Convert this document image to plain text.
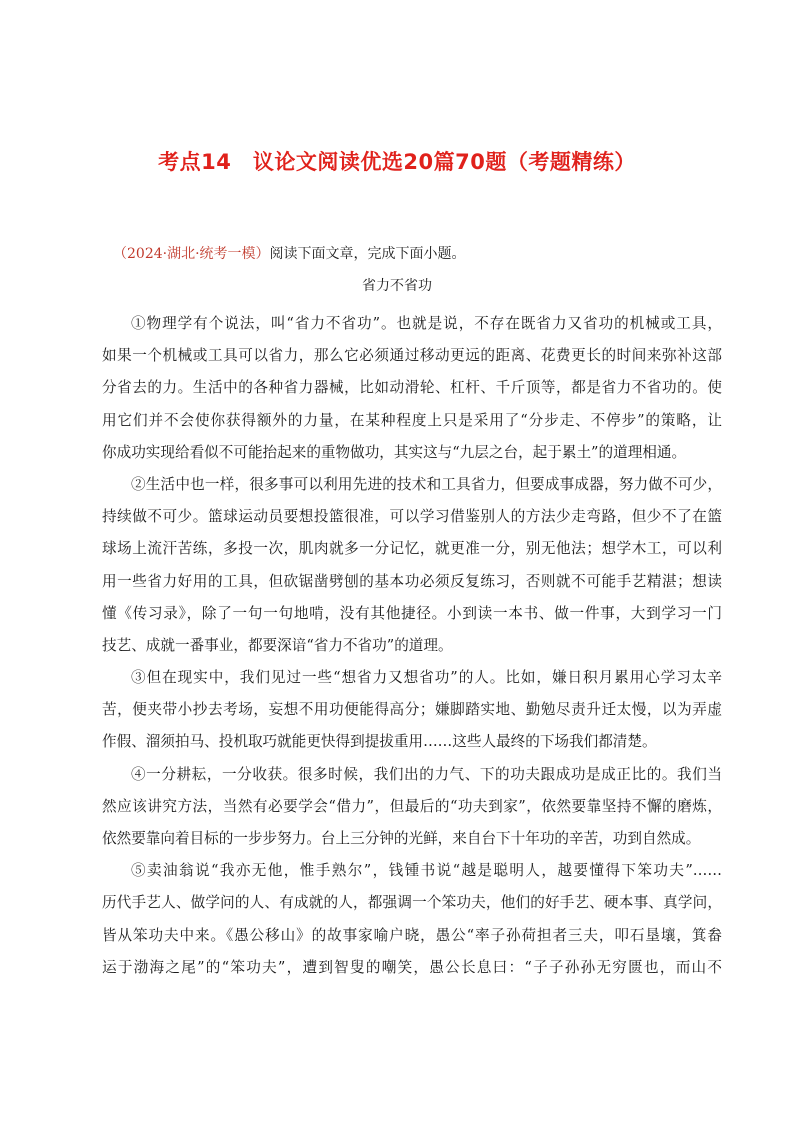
考点14　议论文阅读优选20篇70题（考题精练）
（2024·湖北·统考一模）阅读下面文章，完成下面小题。
省力不省功
①物理学有个说法，叫“省力不省功”。也就是说，不存在既省力又省功的机械或工具，
如果一个机械或工具可以省力，那么它必须通过移动更远的距离、花费更长的时间来弥补这部
分省去的力。生活中的各种省力器械，比如动滑轮、杠杆、千斤顶等，都是省力不省功的。使
用它们并不会使你获得额外的力量，在某种程度上只是采用了“分步走、不停步”的策略，让
你成功实现给看似不可能抬起来的重物做功，其实这与“九层之台，起于累土”的道理相通。
②生活中也一样，很多事可以利用先进的技术和工具省力，但要成事成器，努力做不可少，
持续做不可少。篮球运动员要想投篮很准，可以学习借鉴别人的方法少走弯路，但少不了在篮
球场上流汗苦练，多投一次，肌肉就多一分记忆，就更准一分，别无他法；想学木工，可以利
用一些省力好用的工具，但砍锯凿劈刨的基本功必须反复练习，否则就不可能手艺精湛；想读
懂《传习录》，除了一句一句地啃，没有其他捷径。小到读一本书、做一件事，大到学习一门
技艺、成就一番事业，都要深谙“省力不省功”的道理。
③但在现实中，我们见过一些“想省力又想省功”的人。比如，嫌日积月累用心学习太辛
苦，便夹带小抄去考场，妄想不用功便能得高分；嫌脚踏实地、勤勉尽责升迁太慢，以为弄虚
作假、溜须拍马、投机取巧就能更快得到提拔重用……这些人最终的下场我们都清楚。
④一分耕耘，一分收获。很多时候，我们出的力气、下的功夫跟成功是成正比的。我们当
然应该讲究方法，当然有必要学会“借力”，但最后的“功夫到家”，依然要靠坚持不懈的磨炼，
依然要靠向着目标的一步步努力。台上三分钟的光鲜，来自台下十年功的辛苦，功到自然成。
⑤卖油翁说“我亦无他，惟手熟尔”，钱锺书说“越是聪明人，越要懂得下笨功夫”……
历代手艺人、做学问的人、有成就的人，都强调一个笨功夫，他们的好手艺、硬本事、真学问，
皆从笨功夫中来。《愚公移山》的故事家喻户晓，愚公“率子孙荷担者三夫，叩石垦壤，箕畚
运于渤海之尾”的“笨功夫”，遭到智叟的嘲笑，愚公长息曰：“子子孙孙无穷匮也，而山不
